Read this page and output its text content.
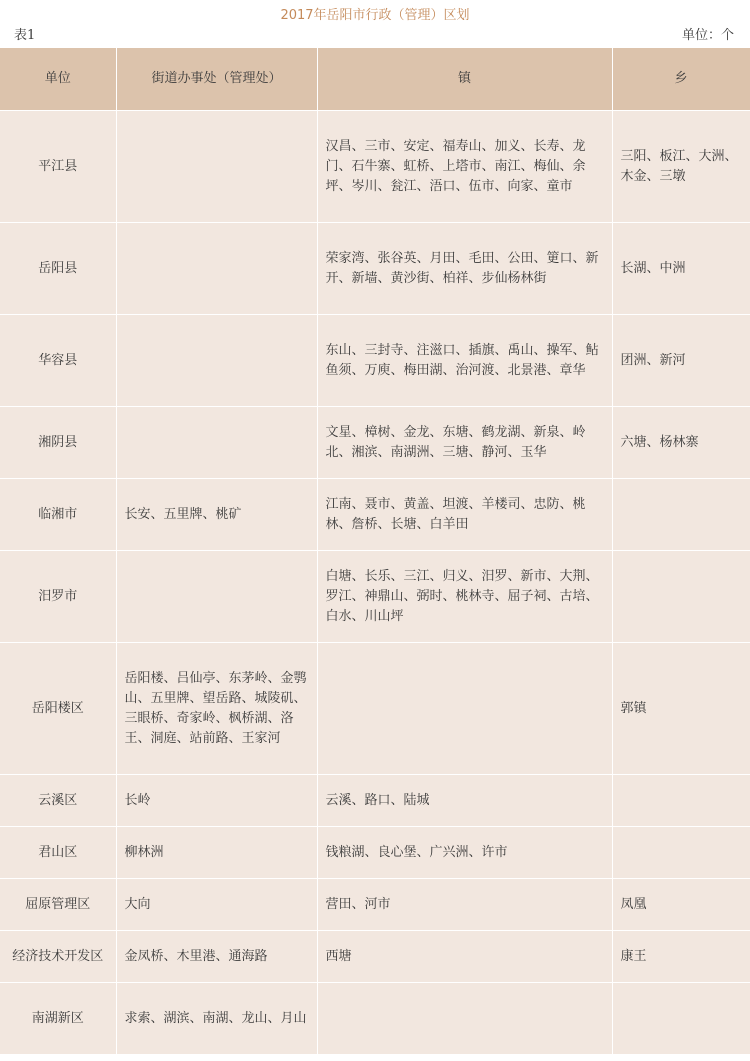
2017年岳阳市行政（管理）区划
表1	单位：个
单位	街道办事处（管理处）	镇	乡
平江县		汉昌、三市、安定、福寿山、加义、长寿、龙门、石牛寨、虹桥、上塔市、南江、梅仙、余坪、岑川、瓮江、浯口、伍市、向家、童市	三阳、板江、大洲、木金、三墩
岳阳县		荣家湾、张谷英、月田、毛田、公田、筻口、新开、新墙、黄沙街、柏祥、步仙杨林街	长湖、中洲
华容县		东山、三封寺、注滋口、插旗、禹山、操军、鲇鱼须、万庾、梅田湖、治河渡、北景港、章华	团洲、新河
湘阴县		文星、樟树、金龙、东塘、鹤龙湖、新泉、岭北、湘滨、南湖洲、三塘、静河、玉华	六塘、杨林寨
临湘市	长安、五里牌、桃矿	江南、聂市、黄盖、坦渡、羊楼司、忠防、桃林、詹桥、长塘、白羊田	
汨罗市		白塘、长乐、三江、归义、汨罗、新市、大荆、罗江、神鼎山、弼时、桃林寺、屈子祠、古培、白水、川山坪	
岳阳楼区	岳阳楼、吕仙亭、东茅岭、金鹗山、五里牌、望岳路、城陵矶、三眼桥、奇家岭、枫桥湖、洛王、洞庭、站前路、王家河		郭镇
云溪区	长岭	云溪、路口、陆城	
君山区	柳林洲	钱粮湖、良心堡、广兴洲、许市	
屈原管理区	大向	营田、河市	凤凰
经济技术开发区	金凤桥、木里港、通海路	西塘	康王
南湖新区	求索、湖滨、南湖、龙山、月山		
